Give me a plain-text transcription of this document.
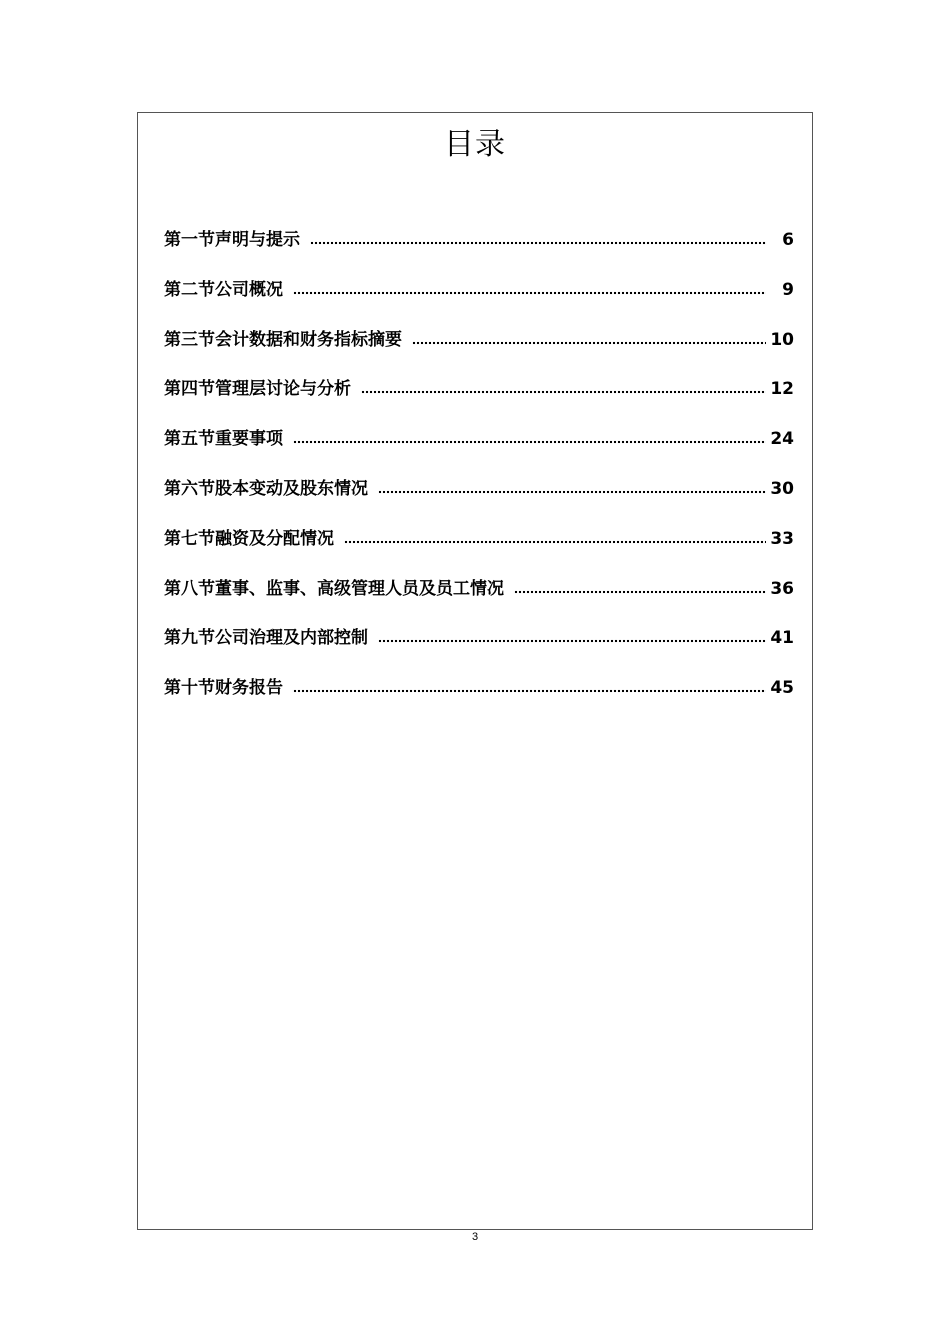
目录
第一节声明与提示	6
第二节公司概况	9
第三节会计数据和财务指标摘要	10
第四节管理层讨论与分析	12
第五节重要事项	24
第六节股本变动及股东情况	30
第七节融资及分配情况	33
第八节董事、监事、高级管理人员及员工情况	36
第九节公司治理及内部控制	41
第十节财务报告	45
3
